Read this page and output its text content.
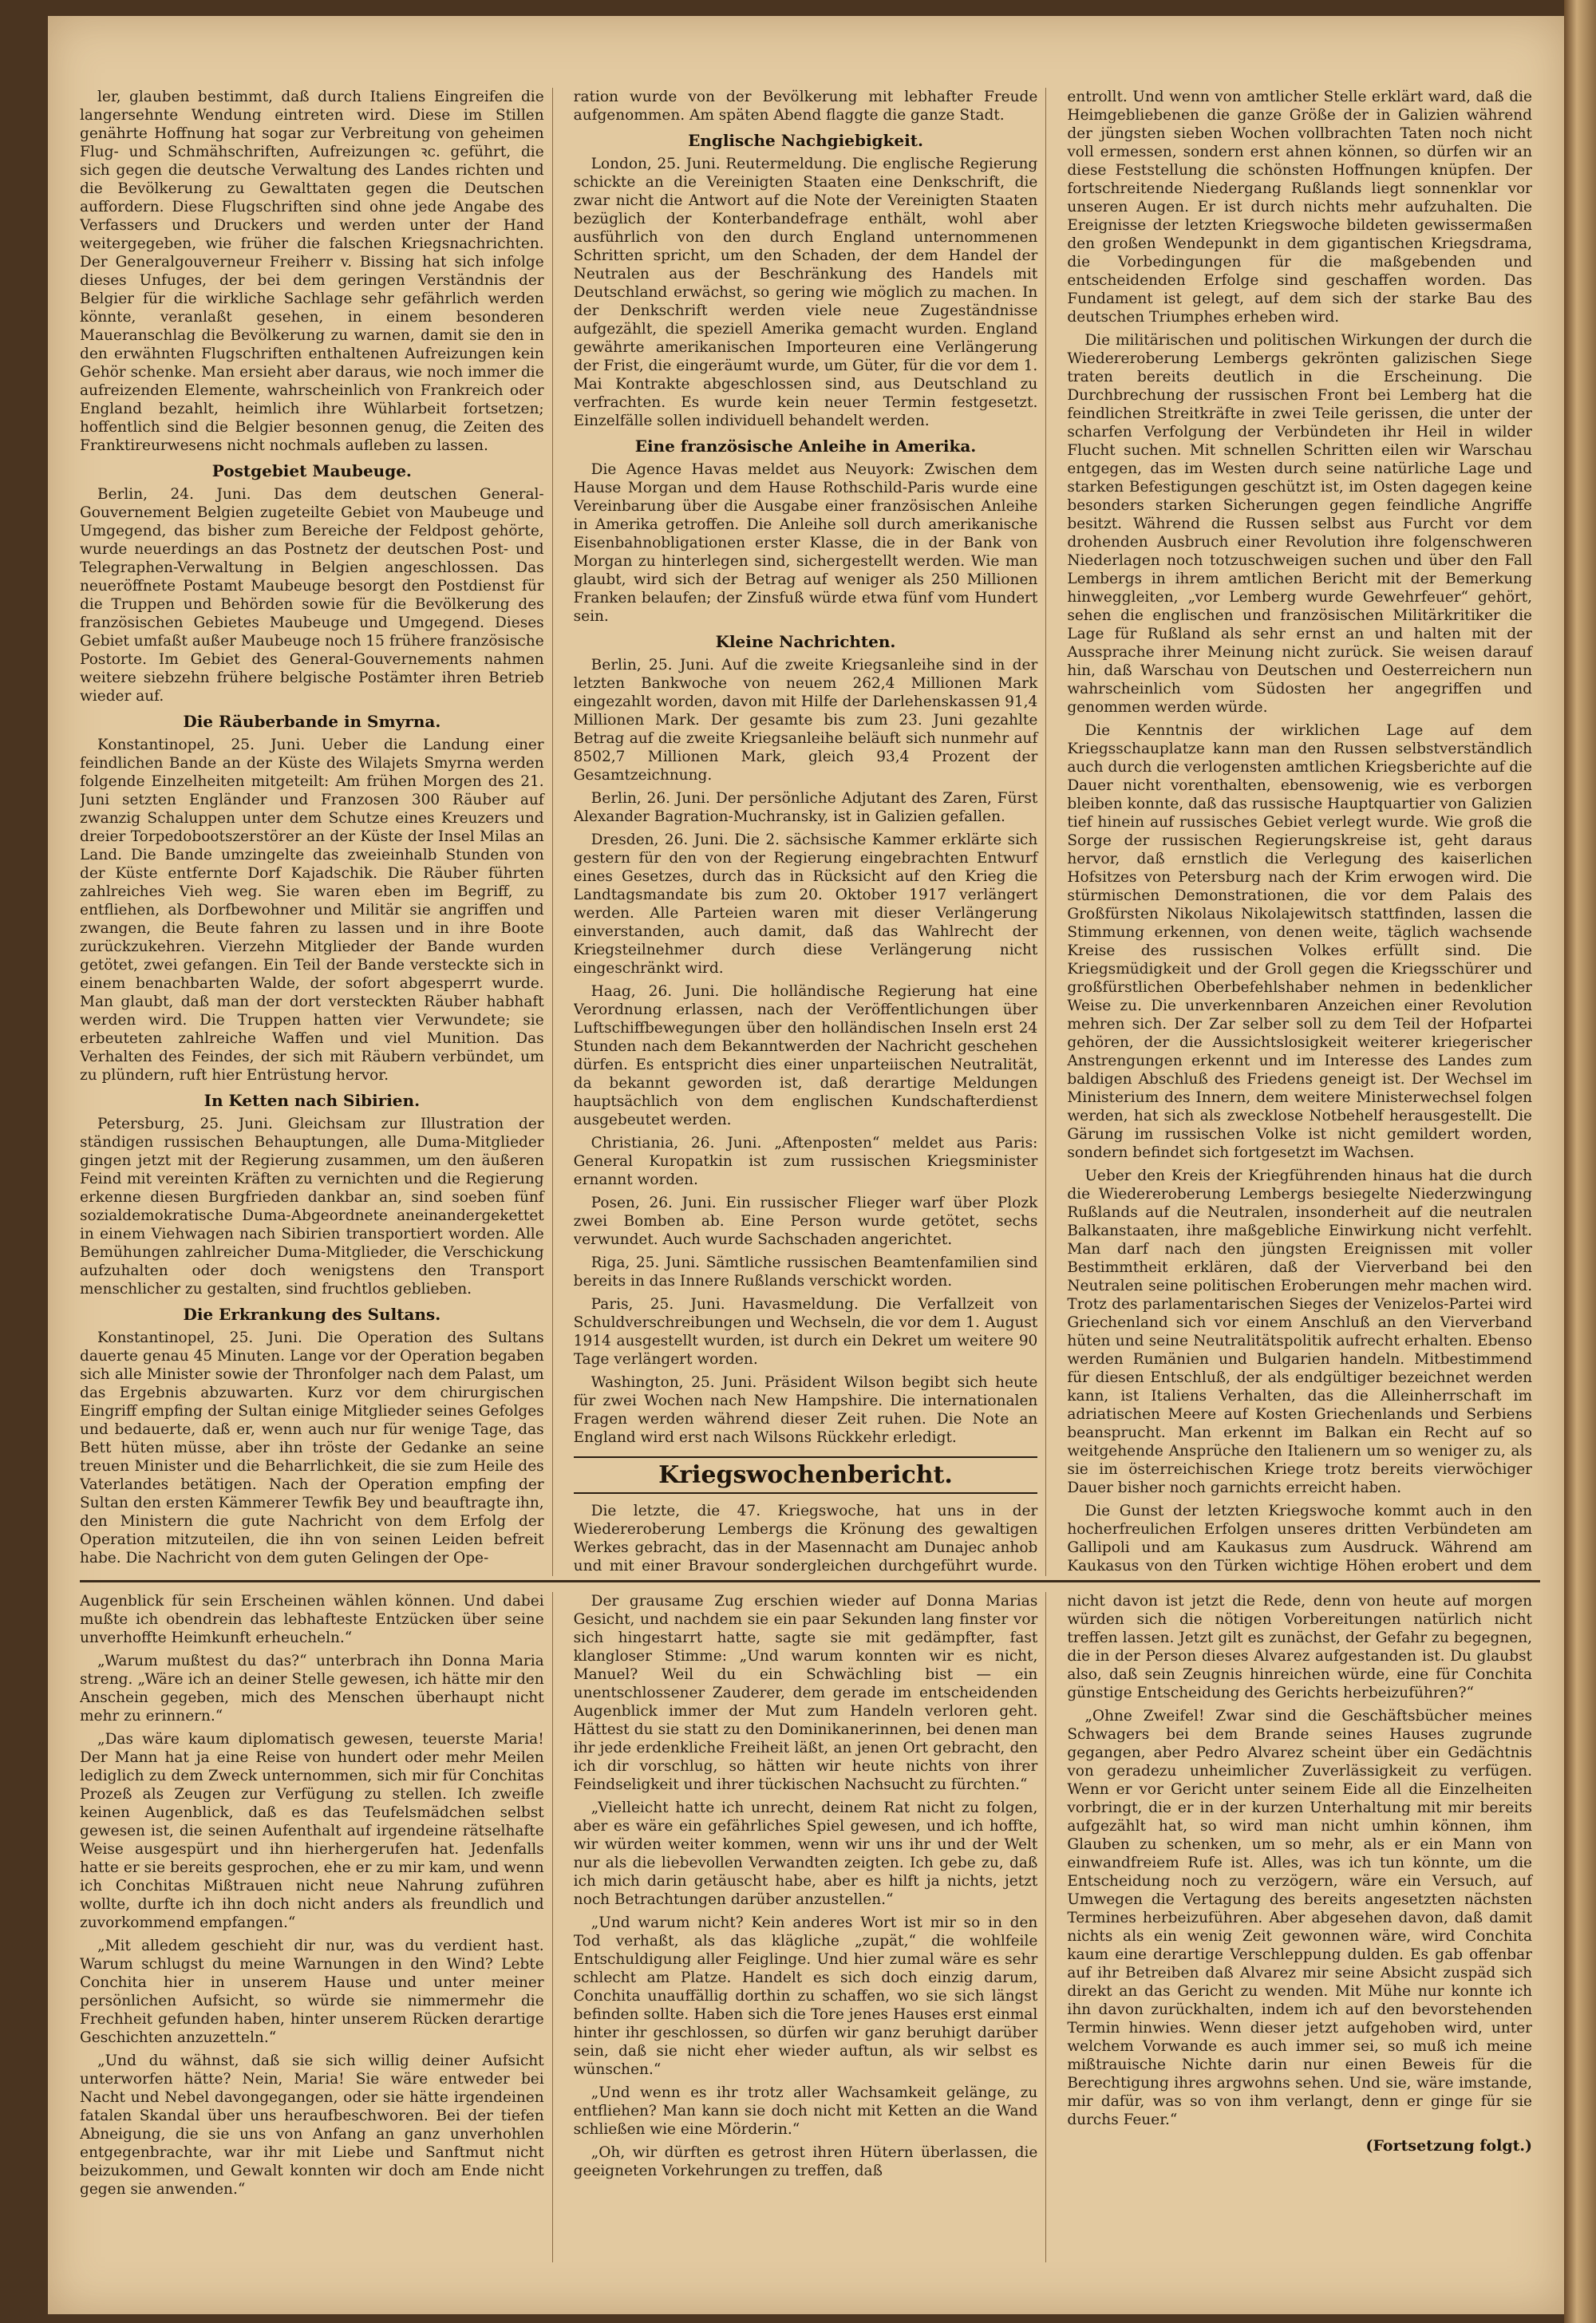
ler, glauben bestimmt, daß durch Italiens Eingreifen die langersehnte Wendung eintreten wird. Diese im Stillen genährte Hoffnung hat sogar zur Verbreitung von geheimen Flug- und Schmähschriften, Aufreizungen ꝛc. geführt, die sich gegen die deutsche Verwaltung des Landes richten und die Bevölkerung zu Gewalttaten gegen die Deutschen auffordern. Diese Flugschriften sind ohne jede Angabe des Verfassers und Druckers und werden unter der Hand weitergegeben, wie früher die falschen Kriegsnachrichten. Der Generalgouverneur Freiherr v. Bissing hat sich infolge dieses Unfuges, der bei dem geringen Verständnis der Belgier für die wirkliche Sachlage sehr gefährlich werden könnte, veranlaßt gesehen, in einem besonderen Maueranschlag die Bevölkerung zu warnen, damit sie den in den erwähnten Flugschriften enthaltenen Aufreizungen kein Gehör schenke. Man ersieht aber daraus, wie noch immer die aufreizenden Elemente, wahrscheinlich von Frankreich oder England bezahlt, heimlich ihre Wühlarbeit fortsetzen; hoffentlich sind die Belgier besonnen genug, die Zeiten des Franktireurwesens nicht nochmals aufleben zu lassen.

Postgebiet Maubeuge.

Berlin, 24. Juni. Das dem deutschen General-Gouvernement Belgien zugeteilte Gebiet von Maubeuge und Umgegend, das bisher zum Bereiche der Feldpost gehörte, wurde neuerdings an das Postnetz der deutschen Post- und Telegraphen-Verwaltung in Belgien angeschlossen. Das neueröffnete Postamt Maubeuge besorgt den Postdienst für die Truppen und Behörden sowie für die Bevölkerung des französischen Gebietes Maubeuge und Umgegend. Dieses Gebiet umfaßt außer Maubeuge noch 15 frühere französische Postorte. Im Gebiet des General-Gouvernements nahmen weitere siebzehn frühere belgische Postämter ihren Betrieb wieder auf.

Die Räuberbande in Smyrna.

Konstantinopel, 25. Juni. Ueber die Landung einer feindlichen Bande an der Küste des Wilajets Smyrna werden folgende Einzelheiten mitgeteilt: Am frühen Morgen des 21. Juni setzten Engländer und Franzosen 300 Räuber auf zwanzig Schaluppen unter dem Schutze eines Kreuzers und dreier Torpedobootszerstörer an der Küste der Insel Milas an Land. Die Bande umzingelte das zweieinhalb Stunden von der Küste entfernte Dorf Kajadschik. Die Räuber führten zahlreiches Vieh weg. Sie waren eben im Begriff, zu entfliehen, als Dorfbewohner und Militär sie angriffen und zwangen, die Beute fahren zu lassen und in ihre Boote zurückzukehren. Vierzehn Mitglieder der Bande wurden getötet, zwei gefangen. Ein Teil der Bande versteckte sich in einem benachbarten Walde, der sofort abgesperrt wurde. Man glaubt, daß man der dort versteckten Räuber habhaft werden wird. Die Truppen hatten vier Verwundete; sie erbeuteten zahlreiche Waffen und viel Munition. Das Verhalten des Feindes, der sich mit Räubern verbündet, um zu plündern, ruft hier Entrüstung hervor.

In Ketten nach Sibirien.

Petersburg, 25. Juni. Gleichsam zur Illustration der ständigen russischen Behauptungen, alle Duma-Mitglieder gingen jetzt mit der Regierung zusammen, um den äußeren Feind mit vereinten Kräften zu vernichten und die Regierung erkenne diesen Burgfrieden dankbar an, sind soeben fünf sozialdemokratische Duma-Abgeordnete aneinandergekettet in einem Viehwagen nach Sibirien transportiert worden. Alle Bemühungen zahlreicher Duma-Mitglieder, die Verschickung aufzuhalten oder doch wenigstens den Transport menschlicher zu gestalten, sind fruchtlos geblieben.

Die Erkrankung des Sultans.

Konstantinopel, 25. Juni. Die Operation des Sultans dauerte genau 45 Minuten. Lange vor der Operation begaben sich alle Minister sowie der Thronfolger nach dem Palast, um das Ergebnis abzuwarten. Kurz vor dem chirurgischen Eingriff empfing der Sultan einige Mitglieder seines Gefolges und bedauerte, daß er, wenn auch nur für wenige Tage, das Bett hüten müsse, aber ihn tröste der Gedanke an seine treuen Minister und die Beharrlichkeit, die sie zum Heile des Vaterlandes betätigen. Nach der Operation empfing der Sultan den ersten Kämmerer Tewfik Bey und beauftragte ihn, den Ministern die gute Nachricht von dem Erfolg der Operation mitzuteilen, die ihn von seinen Leiden befreit habe. Die Nachricht von dem guten Gelingen der Ope-

ration wurde von der Bevölkerung mit lebhafter Freude aufgenommen. Am späten Abend flaggte die ganze Stadt.

Englische Nachgiebigkeit.

London, 25. Juni. Reutermeldung. Die englische Regierung schickte an die Vereinigten Staaten eine Denkschrift, die zwar nicht die Antwort auf die Note der Vereinigten Staaten bezüglich der Konterbandefrage enthält, wohl aber ausführlich von den durch England unternommenen Schritten spricht, um den Schaden, der dem Handel der Neutralen aus der Beschränkung des Handels mit Deutschland erwächst, so gering wie möglich zu machen. In der Denkschrift werden viele neue Zugeständnisse aufgezählt, die speziell Amerika gemacht wurden. England gewährte amerikanischen Importeuren eine Verlängerung der Frist, die eingeräumt wurde, um Güter, für die vor dem 1. Mai Kontrakte abgeschlossen sind, aus Deutschland zu verfrachten. Es wurde kein neuer Termin festgesetzt. Einzelfälle sollen individuell behandelt werden.

Eine französische Anleihe in Amerika.

Die Agence Havas meldet aus Neuyork: Zwischen dem Hause Morgan und dem Hause Rothschild-Paris wurde eine Vereinbarung über die Ausgabe einer französischen Anleihe in Amerika getroffen. Die Anleihe soll durch amerikanische Eisenbahnobligationen erster Klasse, die in der Bank von Morgan zu hinterlegen sind, sichergestellt werden. Wie man glaubt, wird sich der Betrag auf weniger als 250 Millionen Franken belaufen; der Zinsfuß würde etwa fünf vom Hundert sein.

Kleine Nachrichten.

Berlin, 25. Juni. Auf die zweite Kriegsanleihe sind in der letzten Bankwoche von neuem 262,4 Millionen Mark eingezahlt worden, davon mit Hilfe der Darlehenskassen 91,4 Millionen Mark. Der gesamte bis zum 23. Juni gezahlte Betrag auf die zweite Kriegsanleihe beläuft sich nunmehr auf 8502,7 Millionen Mark, gleich 93,4 Prozent der Gesamtzeichnung.

Berlin, 26. Juni. Der persönliche Adjutant des Zaren, Fürst Alexander Bagration-Muchransky, ist in Galizien gefallen.

Dresden, 26. Juni. Die 2. sächsische Kammer erklärte sich gestern für den von der Regierung eingebrachten Entwurf eines Gesetzes, durch das in Rücksicht auf den Krieg die Landtagsmandate bis zum 20. Oktober 1917 verlängert werden. Alle Parteien waren mit dieser Verlängerung einverstanden, auch damit, daß das Wahlrecht der Kriegsteilnehmer durch diese Verlängerung nicht eingeschränkt wird.

Haag, 26. Juni. Die holländische Regierung hat eine Verordnung erlassen, nach der Veröffentlichungen über Luftschiffbewegungen über den holländischen Inseln erst 24 Stunden nach dem Bekanntwerden der Nachricht geschehen dürfen. Es entspricht dies einer unparteiischen Neutralität, da bekannt geworden ist, daß derartige Meldungen hauptsächlich von dem englischen Kundschafterdienst ausgebeutet werden.

Christiania, 26. Juni. „Aftenposten“ meldet aus Paris: General Kuropatkin ist zum russischen Kriegsminister ernannt worden.

Posen, 26. Juni. Ein russischer Flieger warf über Plozk zwei Bomben ab. Eine Person wurde getötet, sechs verwundet. Auch wurde Sachschaden angerichtet.

Riga, 25. Juni. Sämtliche russischen Beamtenfamilien sind bereits in das Innere Rußlands verschickt worden.

Paris, 25. Juni. Havasmeldung. Die Verfallzeit von Schuldverschreibungen und Wechseln, die vor dem 1. August 1914 ausgestellt wurden, ist durch ein Dekret um weitere 90 Tage verlängert worden.

Washington, 25. Juni. Präsident Wilson begibt sich heute für zwei Wochen nach New Hampshire. Die internationalen Fragen werden während dieser Zeit ruhen. Die Note an England wird erst nach Wilsons Rückkehr erledigt.

Kriegswochenbericht.

Die letzte, die 47. Kriegswoche, hat uns in der Wiedereroberung Lembergs die Krönung des gewaltigen Werkes gebracht, das in der Masennacht am Dunajec anhob und mit einer Bravour sondergleichen durchgeführt wurde.

entrollt. Und wenn von amtlicher Stelle erklärt ward, daß die Heimgebliebenen die ganze Größe der in Galizien während der jüngsten sieben Wochen vollbrachten Taten noch nicht voll ermessen, sondern erst ahnen können, so dürfen wir an diese Feststellung die schönsten Hoffnungen knüpfen. Der fortschreitende Niedergang Rußlands liegt sonnenklar vor unseren Augen. Er ist durch nichts mehr aufzuhalten. Die Ereignisse der letzten Kriegswoche bildeten gewissermaßen den großen Wendepunkt in dem gigantischen Kriegsdrama, die Vorbedingungen für die maßgebenden und entscheidenden Erfolge sind geschaffen worden. Das Fundament ist gelegt, auf dem sich der starke Bau des deutschen Triumphes erheben wird.

Die militärischen und politischen Wirkungen der durch die Wiedereroberung Lembergs gekrönten galizischen Siege traten bereits deutlich in die Erscheinung. Die Durchbrechung der russischen Front bei Lemberg hat die feindlichen Streitkräfte in zwei Teile gerissen, die unter der scharfen Verfolgung der Verbündeten ihr Heil in wilder Flucht suchen. Mit schnellen Schritten eilen wir Warschau entgegen, das im Westen durch seine natürliche Lage und starken Befestigungen geschützt ist, im Osten dagegen keine besonders starken Sicherungen gegen feindliche Angriffe besitzt. Während die Russen selbst aus Furcht vor dem drohenden Ausbruch einer Revolution ihre folgenschweren Niederlagen noch totzuschweigen suchen und über den Fall Lembergs in ihrem amtlichen Bericht mit der Bemerkung hinweggleiten, „vor Lemberg wurde Gewehrfeuer“ gehört, sehen die englischen und französischen Militärkritiker die Lage für Rußland als sehr ernst an und halten mit der Aussprache ihrer Meinung nicht zurück. Sie weisen darauf hin, daß Warschau von Deutschen und Oesterreichern nun wahrscheinlich vom Südosten her angegriffen und genommen werden würde.

Die Kenntnis der wirklichen Lage auf dem Kriegsschauplatze kann man den Russen selbstverständlich auch durch die verlogensten amtlichen Kriegsberichte auf die Dauer nicht vorenthalten, ebensowenig, wie es verborgen bleiben konnte, daß das russische Hauptquartier von Galizien tief hinein auf russisches Gebiet verlegt wurde. Wie groß die Sorge der russischen Regierungskreise ist, geht daraus hervor, daß ernstlich die Verlegung des kaiserlichen Hofsitzes von Petersburg nach der Krim erwogen wird. Die stürmischen Demonstrationen, die vor dem Palais des Großfürsten Nikolaus Nikolajewitsch stattfinden, lassen die Stimmung erkennen, von denen weite, täglich wachsende Kreise des russischen Volkes erfüllt sind. Die Kriegsmüdigkeit und der Groll gegen die Kriegsschürer und großfürstlichen Oberbefehlshaber nehmen in bedenklicher Weise zu. Die unverkennbaren Anzeichen einer Revolution mehren sich. Der Zar selber soll zu dem Teil der Hofpartei gehören, der die Aussichtslosigkeit weiterer kriegerischer Anstrengungen erkennt und im Interesse des Landes zum baldigen Abschluß des Friedens geneigt ist. Der Wechsel im Ministerium des Innern, dem weitere Ministerwechsel folgen werden, hat sich als zwecklose Notbehelf herausgestellt. Die Gärung im russischen Volke ist nicht gemildert worden, sondern befindet sich fortgesetzt im Wachsen.

Ueber den Kreis der Kriegführenden hinaus hat die durch die Wiedereroberung Lembergs besiegelte Niederzwingung Rußlands auf die Neutralen, insonderheit auf die neutralen Balkanstaaten, ihre maßgebliche Einwirkung nicht verfehlt. Man darf nach den jüngsten Ereignissen mit voller Bestimmtheit erklären, daß der Vierverband bei den Neutralen seine politischen Eroberungen mehr machen wird. Trotz des parlamentarischen Sieges der Venizelos-Partei wird Griechenland sich vor einem Anschluß an den Vierverband hüten und seine Neutralitätspolitik aufrecht erhalten. Ebenso werden Rumänien und Bulgarien handeln. Mitbestimmend für diesen Entschluß, der als endgültiger bezeichnet werden kann, ist Italiens Verhalten, das die Alleinherrschaft im adriatischen Meere auf Kosten Griechenlands und Serbiens beansprucht. Man erkennt im Balkan ein Recht auf so weitgehende Ansprüche den Italienern um so weniger zu, als sie im österreichischen Kriege trotz bereits vierwöchiger Dauer bisher noch garnichts erreicht haben.

Die Gunst der letzten Kriegswoche kommt auch in den hocherfreulichen Erfolgen unseres dritten Verbündeten am Gallipoli und am Kaukasus zum Ausdruck. Während am Kaukasus von den Türken wichtige Höhen erobert und dem

Augenblick für sein Erscheinen wählen können. Und dabei mußte ich obendrein das lebhafteste Entzücken über seine unverhoffte Heimkunft erheucheln.“

„Warum mußtest du das?“ unterbrach ihn Donna Maria streng. „Wäre ich an deiner Stelle gewesen, ich hätte mir den Anschein gegeben, mich des Menschen überhaupt nicht mehr zu erinnern.“

„Das wäre kaum diplomatisch gewesen, teuerste Maria! Der Mann hat ja eine Reise von hundert oder mehr Meilen lediglich zu dem Zweck unternommen, sich mir für Conchitas Prozeß als Zeugen zur Verfügung zu stellen. Ich zweifle keinen Augenblick, daß es das Teufelsmädchen selbst gewesen ist, die seinen Aufenthalt auf irgendeine rätselhafte Weise ausgespürt und ihn hierhergerufen hat. Jedenfalls hatte er sie bereits gesprochen, ehe er zu mir kam, und wenn ich Conchitas Mißtrauen nicht neue Nahrung zuführen wollte, durfte ich ihn doch nicht anders als freundlich und zuvorkommend empfangen.“

„Mit alledem geschieht dir nur, was du verdient hast. Warum schlugst du meine Warnungen in den Wind? Lebte Conchita hier in unserem Hause und unter meiner persönlichen Aufsicht, so würde sie nimmermehr die Frechheit gefunden haben, hinter unserem Rücken derartige Geschichten anzuzetteln.“

„Und du wähnst, daß sie sich willig deiner Aufsicht unterworfen hätte? Nein, Maria! Sie wäre entweder bei Nacht und Nebel davongegangen, oder sie hätte irgendeinen fatalen Skandal über uns heraufbeschworen. Bei der tiefen Abneigung, die sie uns von Anfang an ganz unverhohlen entgegenbrachte, war ihr mit Liebe und Sanftmut nicht beizukommen, und Gewalt konnten wir doch am Ende nicht gegen sie anwenden.“

Der grausame Zug erschien wieder auf Donna Marias Gesicht, und nachdem sie ein paar Sekunden lang finster vor sich hingestarrt hatte, sagte sie mit gedämpfter, fast klangloser Stimme: „Und warum konnten wir es nicht, Manuel? Weil du ein Schwächling bist — ein unentschlossener Zauderer, dem gerade im entscheidenden Augenblick immer der Mut zum Handeln verloren geht. Hättest du sie statt zu den Dominikanerinnen, bei denen man ihr jede erdenkliche Freiheit läßt, an jenen Ort gebracht, den ich dir vorschlug, so hätten wir heute nichts von ihrer Feindseligkeit und ihrer tückischen Nachsucht zu fürchten.“

„Vielleicht hatte ich unrecht, deinem Rat nicht zu folgen, aber es wäre ein gefährliches Spiel gewesen, und ich hoffte, wir würden weiter kommen, wenn wir uns ihr und der Welt nur als die liebevollen Verwandten zeigten. Ich gebe zu, daß ich mich darin getäuscht habe, aber es hilft ja nichts, jetzt noch Betrachtungen darüber anzustellen.“

„Und warum nicht? Kein anderes Wort ist mir so in den Tod verhaßt, als das klägliche „zupät,“ die wohlfeile Entschuldigung aller Feiglinge. Und hier zumal wäre es sehr schlecht am Platze. Handelt es sich doch einzig darum, Conchita unauffällig dorthin zu schaffen, wo sie sich längst befinden sollte. Haben sich die Tore jenes Hauses erst einmal hinter ihr geschlossen, so dürfen wir ganz beruhigt darüber sein, daß sie nicht eher wieder auftun, als wir selbst es wünschen.“

„Und wenn es ihr trotz aller Wachsamkeit gelänge, zu entfliehen? Man kann sie doch nicht mit Ketten an die Wand schließen wie eine Mörderin.“

„Oh, wir dürften es getrost ihren Hütern überlassen, die geeigneten Vorkehrungen zu treffen, daß

nicht davon ist jetzt die Rede, denn von heute auf morgen würden sich die nötigen Vorbereitungen natürlich nicht treffen lassen. Jetzt gilt es zunächst, der Gefahr zu begegnen, die in der Person dieses Alvarez aufgestanden ist. Du glaubst also, daß sein Zeugnis hinreichen würde, eine für Conchita günstige Entscheidung des Gerichts herbeizuführen?“

„Ohne Zweifel! Zwar sind die Geschäftsbücher meines Schwagers bei dem Brande seines Hauses zugrunde gegangen, aber Pedro Alvarez scheint über ein Gedächtnis von geradezu unheimlicher Zuverlässigkeit zu verfügen. Wenn er vor Gericht unter seinem Eide all die Einzelheiten vorbringt, die er in der kurzen Unterhaltung mit mir bereits aufgezählt hat, so wird man nicht umhin können, ihm Glauben zu schenken, um so mehr, als er ein Mann von einwandfreiem Rufe ist. Alles, was ich tun könnte, um die Entscheidung noch zu verzögern, wäre ein Versuch, auf Umwegen die Vertagung des bereits angesetzten nächsten Termines herbeizuführen. Aber abgesehen davon, daß damit nichts als ein wenig Zeit gewonnen wäre, wird Conchita kaum eine derartige Verschleppung dulden. Es gab offenbar auf ihr Betreiben daß Alvarez mir seine Absicht zuspäd sich direkt an das Gericht zu wenden. Mit Mühe nur konnte ich ihn davon zurückhalten, indem ich auf den bevorstehenden Termin hinwies. Wenn dieser jetzt aufgehoben wird, unter welchem Vorwande es auch immer sei, so muß ich meine mißtrauische Nichte darin nur einen Beweis für die Berechtigung ihres argwohns sehen. Und sie, wäre imstande, mir dafür, was so von ihm verlangt, denn er ginge für sie durchs Feuer.“

(Fortsetzung folgt.)
